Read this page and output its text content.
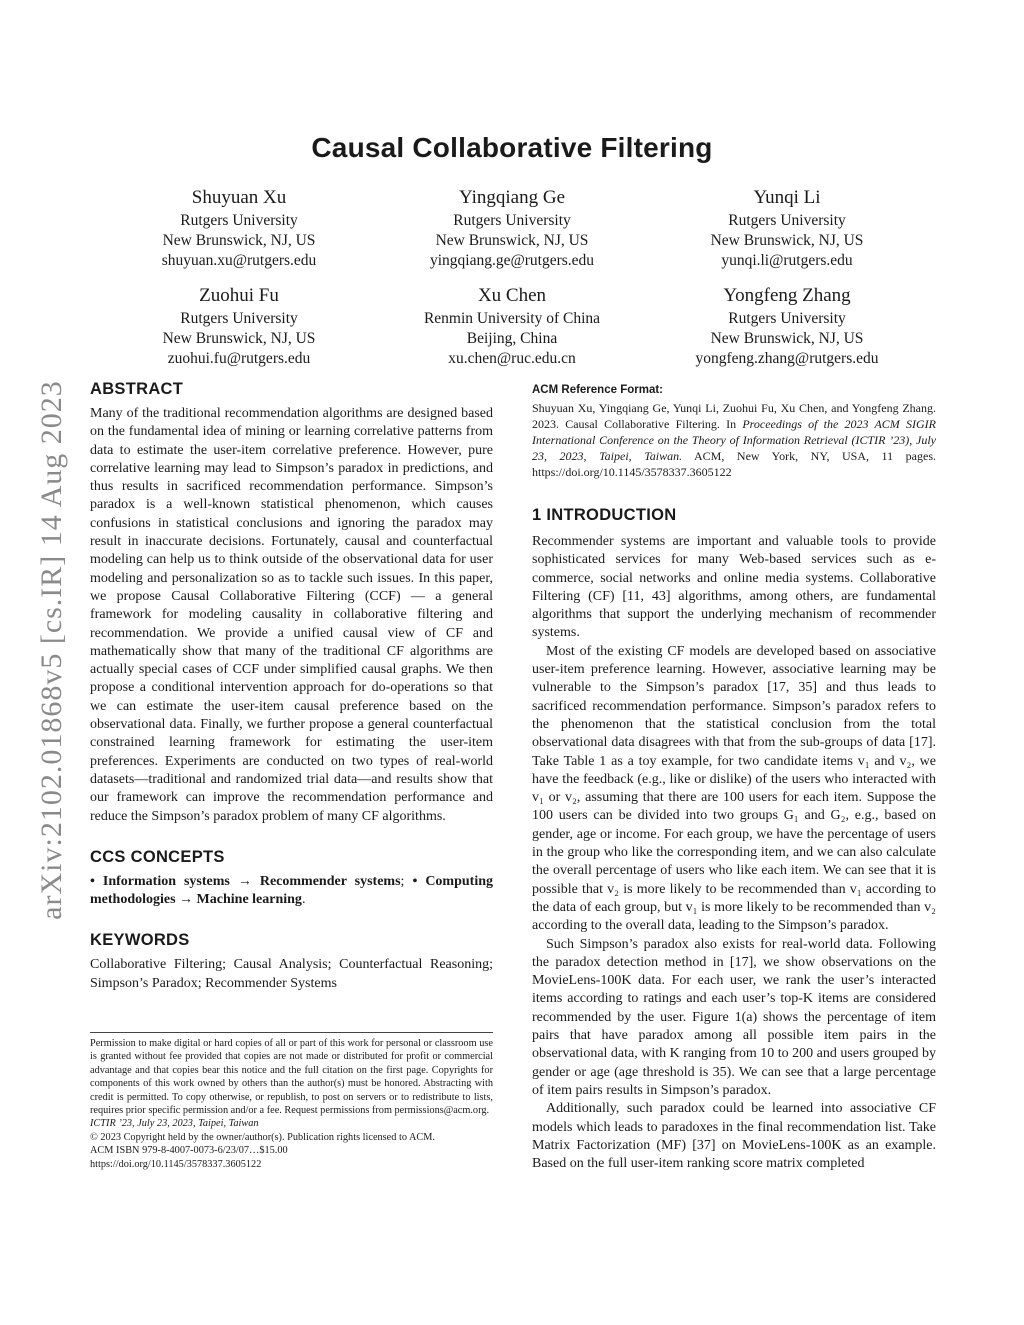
Causal Collaborative Filtering
Shuyuan Xu
Rutgers University
New Brunswick, NJ, US
shuyuan.xu@rutgers.edu
Yingqiang Ge
Rutgers University
New Brunswick, NJ, US
yingqiang.ge@rutgers.edu
Yunqi Li
Rutgers University
New Brunswick, NJ, US
yunqi.li@rutgers.edu
Zuohui Fu
Rutgers University
New Brunswick, NJ, US
zuohui.fu@rutgers.edu
Xu Chen
Renmin University of China
Beijing, China
xu.chen@ruc.edu.cn
Yongfeng Zhang
Rutgers University
New Brunswick, NJ, US
yongfeng.zhang@rutgers.edu
arXiv:2102.01868v5 [cs.IR] 14 Aug 2023 ABSTRACT

Many of the traditional recommendation algorithms are designed based on the fundamental idea of mining or learning correlative patterns from data to estimate the user-item correlative preference. However, pure correlative learning may lead to Simpson’s paradox in predictions, and thus results in sacrificed recommendation performance. Simpson’s paradox is a well-known statistical phenomenon, which causes confusions in statistical conclusions and ignoring the paradox may result in inaccurate decisions. Fortunately, causal and counterfactual modeling can help us to think outside of the observational data for user modeling and personalization so as to tackle such issues. In this paper, we propose Causal Collaborative Filtering (CCF) — a general framework for modeling causality in collaborative filtering and recommendation. We provide a unified causal view of CF and mathematically show that many of the traditional CF algorithms are actually special cases of CCF under simplified causal graphs. We then propose a conditional intervention approach for do-operations so that we can estimate the user-item causal preference based on the observational data. Finally, we further propose a general counterfactual constrained learning framework for estimating the user-item preferences. Experiments are conducted on two types of real-world datasets—traditional and randomized trial data—and results show that our framework can improve the recommendation performance and reduce the Simpson’s paradox problem of many CF algorithms.

CCS CONCEPTS
• Information systems → Recommender systems; • Computing methodologies → Machine learning.
KEYWORDS

Collaborative Filtering; Causal Analysis; Counterfactual Reasoning; Simpson’s Paradox; Recommender Systems

Permission to make digital or hard copies of all or part of this work for personal or classroom use is granted without fee provided that copies are not made or distributed for profit or commercial advantage and that copies bear this notice and the full citation on the first page. Copyrights for components of this work owned by others than the author(s) must be honored. Abstracting with credit is permitted. To copy otherwise, or republish, to post on servers or to redistribute to lists, requires prior specific permission and/or a fee. Request permissions from permissions@acm.org.

ICTIR ’23, July 23, 2023, Taipei, Taiwan

© 2023 Copyright held by the owner/author(s). Publication rights licensed to ACM.

ACM ISBN 979-8-4007-0073-6/23/07…$15.00

https://doi.org/10.1145/3578337.3605122

ACM Reference Format:

Shuyuan Xu, Yingqiang Ge, Yunqi Li, Zuohui Fu, Xu Chen, and Yongfeng Zhang. 2023. Causal Collaborative Filtering. In Proceedings of the 2023 ACM SIGIR International Conference on the Theory of Information Retrieval (ICTIR ’23), July 23, 2023, Taipei, Taiwan. ACM, New York, NY, USA, 11 pages. https://doi.org/10.1145/3578337.3605122

1 INTRODUCTION

Recommender systems are important and valuable tools to provide sophisticated services for many Web-based services such as e-commerce, social networks and online media systems. Collaborative Filtering (CF) [11, 43] algorithms, among others, are fundamental algorithms that support the underlying mechanism of recommender systems.

Most of the existing CF models are developed based on associative user-item preference learning. However, associative learning may be vulnerable to the Simpson’s paradox [17, 35] and thus leads to sacrificed recommendation performance. Simpson’s paradox refers to the phenomenon that the statistical conclusion from the total observational data disagrees with that from the sub-groups of data [17]. Take Table 1 as a toy example, for two candidate items v₁ and v₂, we have the feedback (e.g., like or dislike) of the users who interacted with v₁ or v₂, assuming that there are 100 users for each item. Suppose the 100 users can be divided into two groups G₁ and G₂, e.g., based on gender, age or income. For each group, we have the percentage of users in the group who like the corresponding item, and we can also calculate the overall percentage of users who like each item. We can see that it is possible that v₂ is more likely to be recommended than v₁ according to the data of each group, but v₁ is more likely to be recommended than v₂ according to the overall data, leading to the Simpson’s paradox.

Such Simpson’s paradox also exists for real-world data. Following the paradox detection method in [17], we show observations on the MovieLens-100K data. For each user, we rank the user’s interacted items according to ratings and each user’s top-K items are considered recommended by the user. Figure 1(a) shows the percentage of item pairs that have paradox among all possible item pairs in the observational data, with K ranging from 10 to 200 and users grouped by gender or age (age threshold is 35). We can see that a large percentage of item pairs results in Simpson’s paradox.

Additionally, such paradox could be learned into associative CF models which leads to paradoxes in the final recommendation list. Take Matrix Factorization (MF) [37] on MovieLens-100K as an example. Based on the full user-item ranking score matrix completed
